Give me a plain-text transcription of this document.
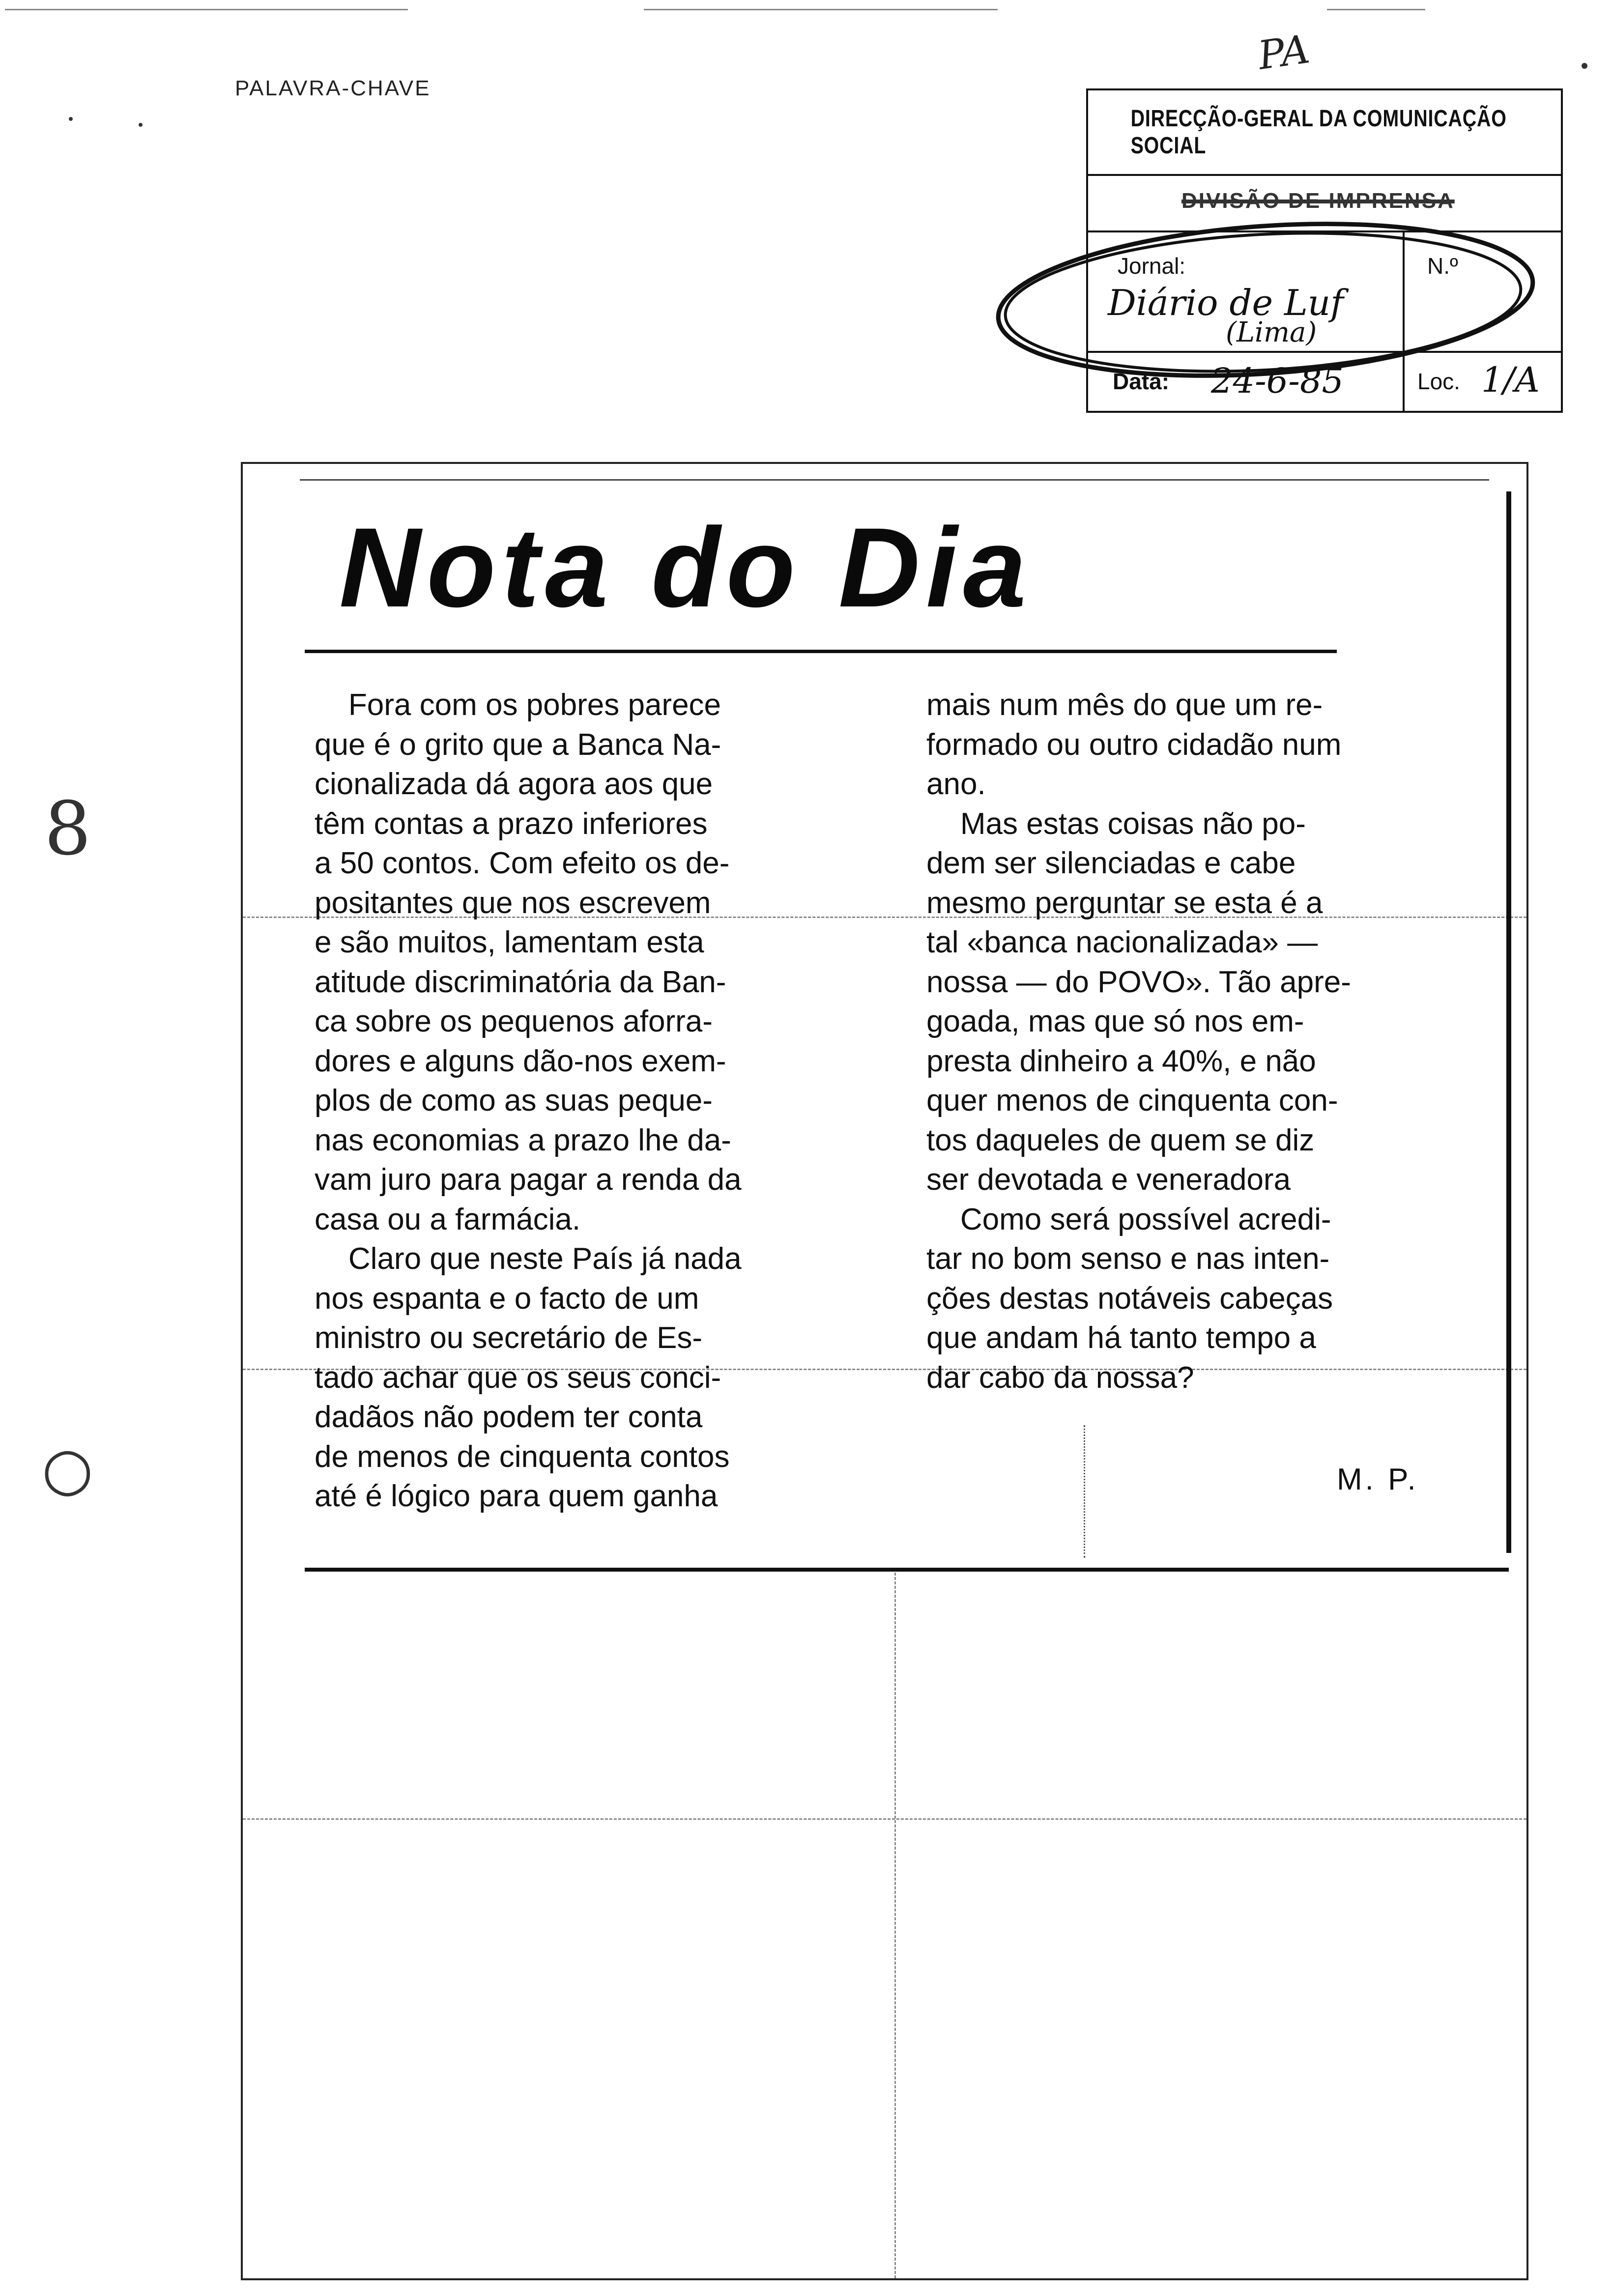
PALAVRA-CHAVE
PA
DIRECÇÃO-GERAL DA COMUNICAÇÃO SOCIAL
DIVISÃO DE IMPRENSA
Jornal:
Diário de Luf
(Lima)
N.º
Data: 24-6-85	Loc. 1/A
Nota do Dia
Fora com os pobres parece
que é o grito que a Banca Na-
cionalizada dá agora aos que
têm contas a prazo inferiores
a 50 contos. Com efeito os de-
positantes que nos escrevem
e são muitos, lamentam esta
atitude discriminatória da Ban-
ca sobre os pequenos aforra-
dores e alguns dão-nos exem-
plos de como as suas peque-
nas economias a prazo lhe da-
vam juro para pagar a renda da
casa ou a farmácia.
Claro que neste País já nada
nos espanta e o facto de um
ministro ou secretário de Es-
tado achar que os seus conci-
dadãos não podem ter conta
de menos de cinquenta contos
até é lógico para quem ganha
mais num mês do que um re-
formado ou outro cidadão num
ano.
Mas estas coisas não po-
dem ser silenciadas e cabe
mesmo perguntar se esta é a
tal «banca nacionalizada» —
nossa — do POVO». Tão apre-
goada, mas que só nos em-
presta dinheiro a 40%, e não
quer menos de cinquenta con-
tos daqueles de quem se diz
ser devotada e veneradora
Como será possível acredi-
tar no bom senso e nas inten-
ções destas notáveis cabeças
que andam há tanto tempo a
dar cabo da nossa?
M. P.
8
○
